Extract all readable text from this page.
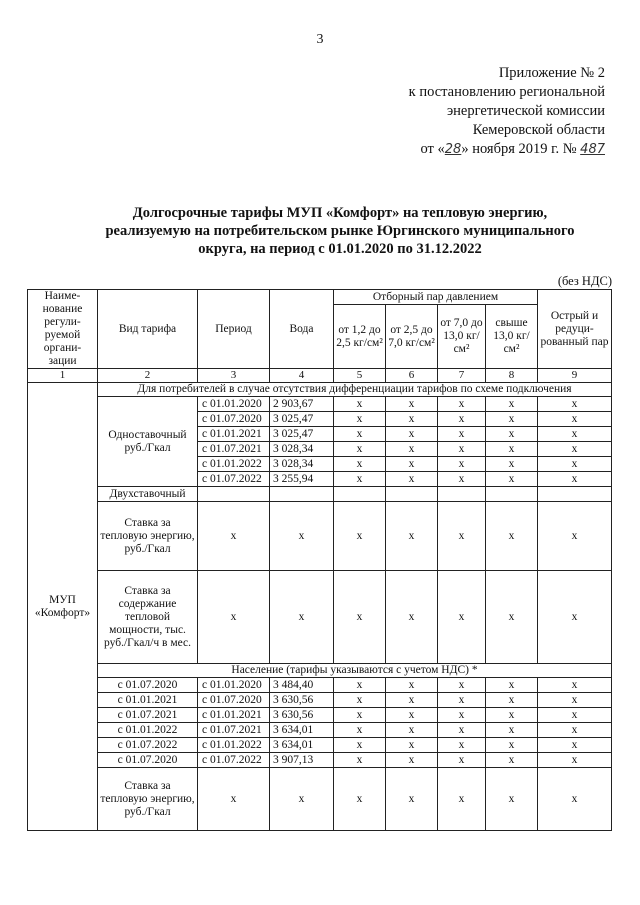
3
Приложение № 2
к постановлению региональной
энергетической комиссии
Кемеровской области
от «28» ноября 2019 г. № 487
Долгосрочные тарифы МУП «Комфорт» на тепловую энергию,
реализуемую на потребительском рынке Юргинского муниципального
округа, на период с 01.01.2020 по 31.12.2022
(без НДС)
Наиме-нование регули-руемой органи-зации	Вид тарифа	Период	Вода	Отборный пар давлением				Острый и редуци-рованный пар
				от 1,2 до 2,5 кг/см²	от 2,5 до 7,0 кг/см²	от 7,0 до 13,0 кг/см²	свыше 13,0 кг/см²	
1	2	3	4	5	6	7	8	9
МУП «Комфорт»	Для потребителей в случае отсутствия дифференциации тарифов по схеме подключения							
	Одноставочный руб./Гкал	с 01.01.2020	2 903,67	x	x	x	x	x
		с 01.07.2020	3 025,47	x	x	x	x	x
		с 01.01.2021	3 025,47	x	x	x	x	x
		с 01.07.2021	3 028,34	x	x	x	x	x
		с 01.01.2022	3 028,34	x	x	x	x	x
		с 01.07.2022	3 255,94	x	x	x	x	x
	Двухставочный							
	Ставка за тепловую энергию, руб./Гкал	x	x	x	x	x	x	x
	Ставка за содержание тепловой мощности, тыс. руб./Гкал/ч в мес.	x	x	x	x	x	x	x
	Население (тарифы указываются с учетом НДС) *							
	с 01.07.2020	с 01.01.2020	3 484,40	x	x	x	x	x
	с 01.01.2021	с 01.07.2020	3 630,56	x	x	x	x	x
	с 01.07.2021	с 01.01.2021	3 630,56	x	x	x	x	x
	с 01.01.2022	с 01.07.2021	3 634,01	x	x	x	x	x
	с 01.07.2022	с 01.01.2022	3 634,01	x	x	x	x	x
	с 01.07.2020	с 01.07.2022	3 907,13	x	x	x	x	x
	Ставка за тепловую энергию, руб./Гкал	x	x	x	x	x	x	x
